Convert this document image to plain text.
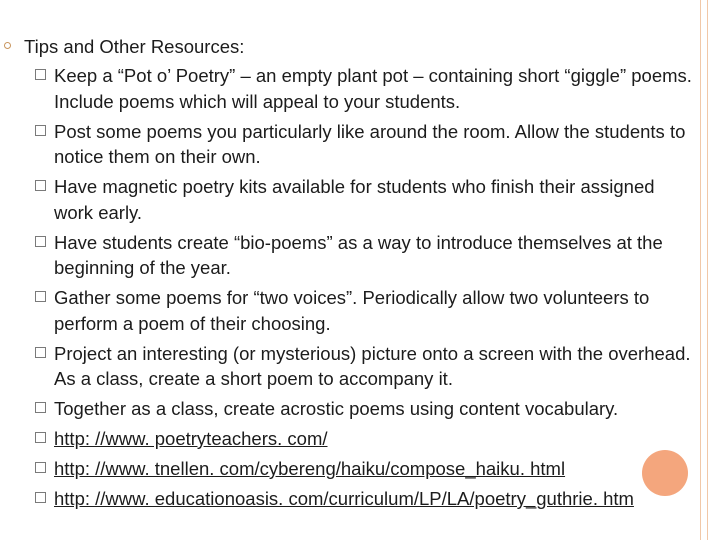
Tips and Other Resources:
Keep a “Pot o’ Poetry” – an empty plant pot – containing short “giggle” poems. Include poems which will appeal to your students.
Post some poems you particularly like around the room. Allow the students to notice them on their own.
Have magnetic poetry kits available for students who finish their assigned work early.
Have students create “bio-poems” as a way to introduce themselves at the beginning of the year.
Gather some poems for “two voices”. Periodically allow two volunteers to perform a poem of their choosing.
Project an interesting (or mysterious) picture onto a screen with the overhead. As a class, create a short poem to accompany it.
Together as a class, create acrostic poems using content vocabulary.
http: //www. poetryteachers. com/
http: //www. tnellen. com/cybereng/haiku/compose_haiku. html
http: //www. educationoasis. com/curriculum/LP/LA/poetry_guthrie. htm
